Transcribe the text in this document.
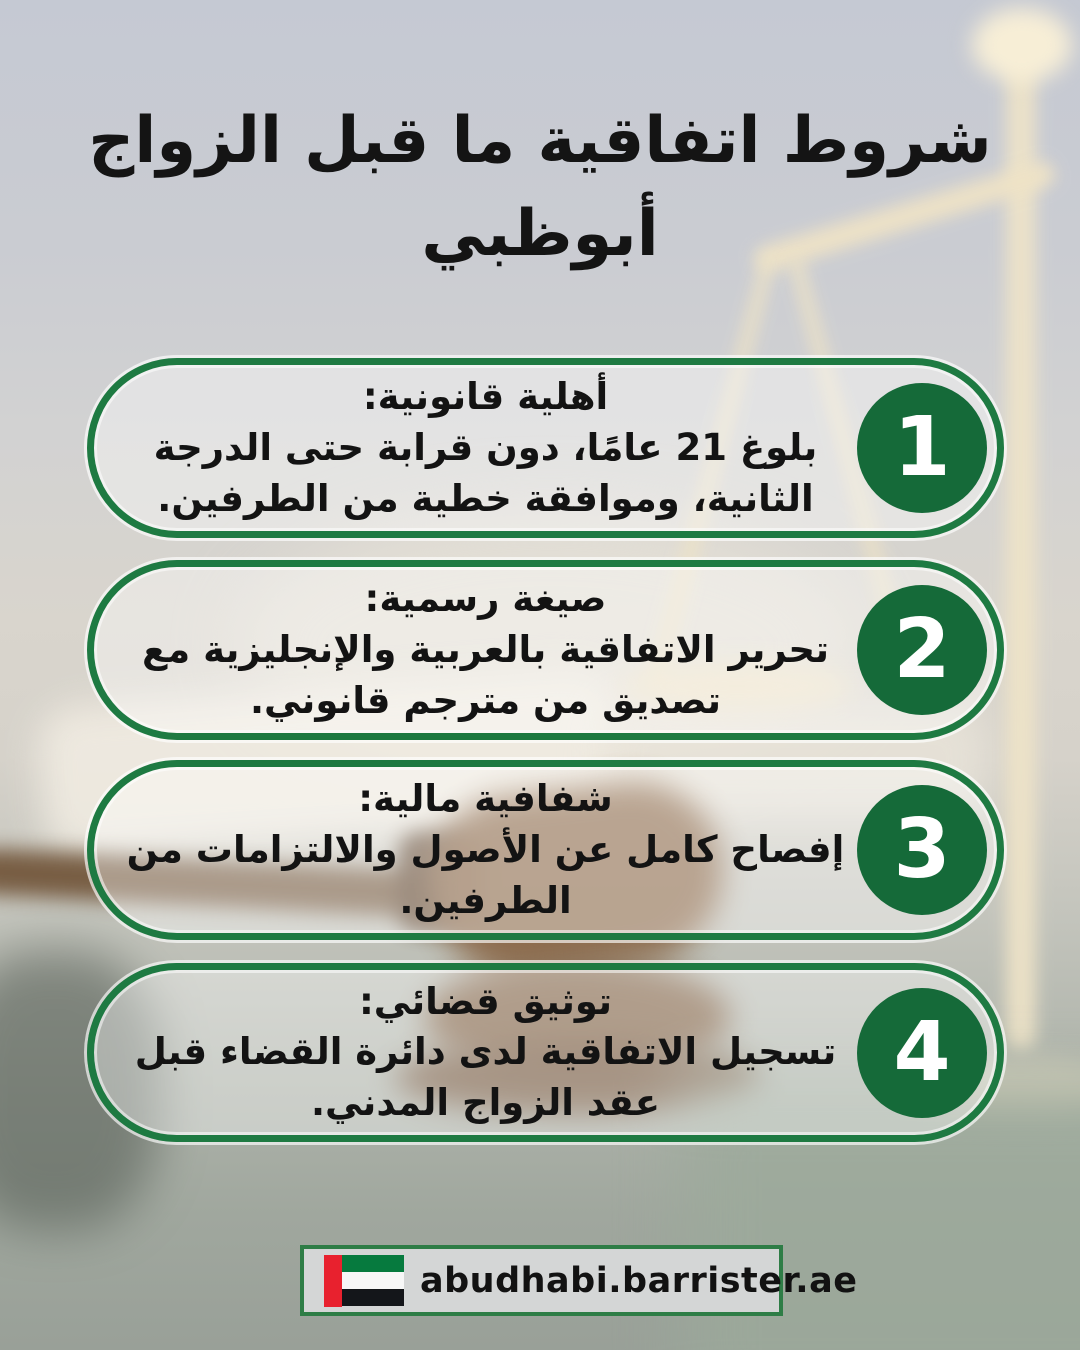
شروط اتفاقية ما قبل الزواج
أبوظبي
أهلية قانونية:
بلوغ 21 عامًا، دون قرابة حتى الدرجة الثانية، وموافقة خطية من الطرفين.
1
صيغة رسمية:
تحرير الاتفاقية بالعربية والإنجليزية مع تصديق من مترجم قانوني.
2
شفافية مالية:
إفصاح كامل عن الأصول والالتزامات من الطرفين.
3
توثيق قضائي:
تسجيل الاتفاقية لدى دائرة القضاء قبل عقد الزواج المدني.
4
abudhabi.barrister.ae
